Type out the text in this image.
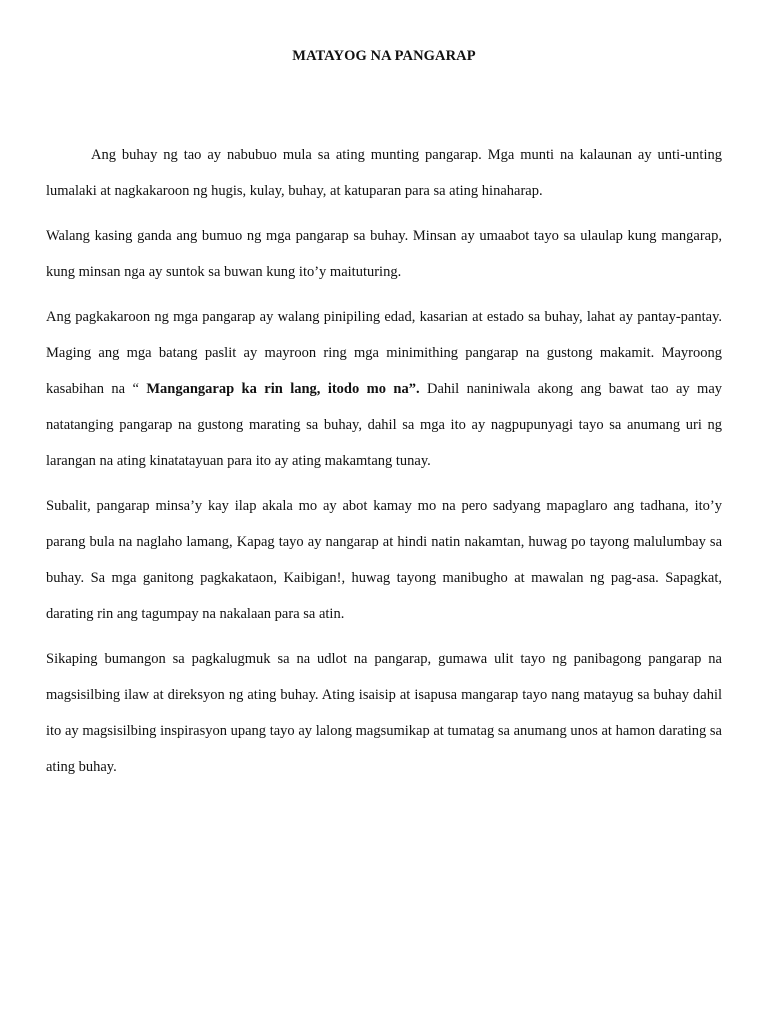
MATAYOG NA PANGARAP

Ang buhay ng tao ay nabubuo mula sa ating munting pangarap. Mga munti na kalaunan ay unti-unting lumalaki at nagkakaroon ng hugis, kulay, buhay, at katuparan para sa ating hinaharap.

Walang kasing ganda ang bumuo ng mga pangarap sa buhay. Minsan ay umaabot tayo sa ulaulap kung mangarap, kung minsan nga ay suntok sa buwan kung ito’y maituturing.

Ang pagkakaroon ng mga pangarap ay walang pinipiling edad, kasarian at estado sa buhay, lahat ay pantay-pantay. Maging ang mga batang paslit ay mayroon ring mga minimithing pangarap na gustong makamit. Mayroong kasabihan na “ Mangangarap ka rin lang, itodo mo na”. Dahil naniniwala akong ang bawat tao ay may natatanging pangarap na gustong marating sa buhay, dahil sa mga ito ay nagpupunyagi tayo sa anumang uri ng larangan na ating kinatatayuan para ito ay ating makamtang tunay.

Subalit, pangarap minsa’y kay ilap akala mo ay abot kamay mo na pero sadyang mapaglaro ang tadhana, ito’y parang bula na naglaho lamang, Kapag tayo ay nangarap at hindi natin nakamtan, huwag po tayong malulumbay sa buhay. Sa mga ganitong pagkakataon, Kaibigan!, huwag tayong manibugho at mawalan ng pag-asa. Sapagkat, darating rin ang tagumpay na nakalaan para sa atin.

Sikaping bumangon sa pagkalugmuk sa na udlot na pangarap, gumawa ulit tayo ng panibagong pangarap na magsisilbing ilaw at direksyon ng ating buhay. Ating isaisip at isapusa mangarap tayo nang matayug sa buhay dahil ito ay magsisilbing inspirasyon upang tayo ay lalong magsumikap at tumatag sa anumang unos at hamon darating sa ating buhay.
